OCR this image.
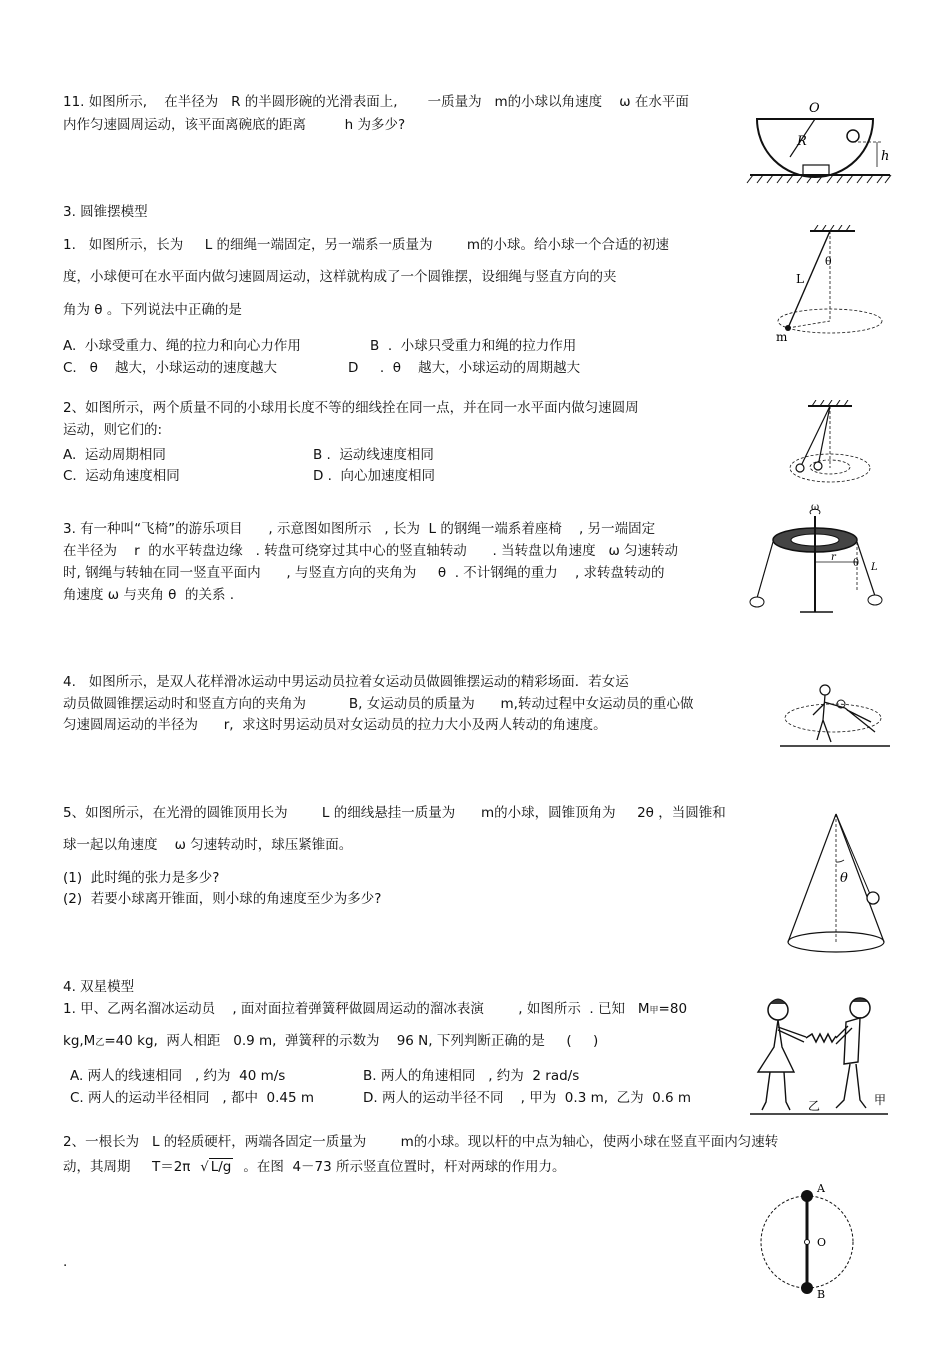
11. 如图所示,    在半径为   R 的半圆形碗的光滑表面上,       一质量为   m的小球以角速度    ω 在水平面
内作匀速圆周运动，该平面离碗底的距离         h 为多少?
O
R
h
3. 圆锥摆模型
1.   如图所示，长为     L 的细绳一端固定，另一端系一质量为        m的小球。给小球一个合适的初速
度，小球便可在水平面内做匀速圆周运动，这样就构成了一个圆锥摆，设细绳与竖直方向的夹
角为 θ 。下列说法中正确的是
A.  小球受重力、绳的拉力和向心力作用	B  .  小球只受重力和绳的拉力作用
C.   θ    越大，小球运动的速度越大	D     .  θ    越大，小球运动的周期越大
θ
L
m
2、如图所示，两个质量不同的小球用长度不等的细线拴在同一点，并在同一水平面内做匀速圆周
运动，则它们的:
A.  运动周期相同	B .  运动线速度相同
C.  运动角速度相同	D .  向心加速度相同
3. 有一种叫“飞椅”的游乐项目      , 示意图如图所示   , 长为  L 的钢绳一端系着座椅    , 另一端固定
在半径为    r  的水平转盘边缘   . 转盘可绕穿过其中心的竖直轴转动      . 当转盘以角速度   ω 匀速转动
时, 钢绳与转轴在同一竖直平面内      , 与竖直方向的夹角为     θ  . 不计钢绳的重力    , 求转盘转动的
角速度 ω 与夹角 θ  的关系 .
ω
r
θ L
4.   如图所示，是双人花样滑冰运动中男运动员拉着女运动员做圆锥摆运动的精彩场面．若女运
动员做圆锥摆运动时和竖直方向的夹角为          B, 女运动员的质量为      m,转动过程中女运动员的重心做
匀速圆周运动的半径为      r,  求这时男运动员对女运动员的拉力大小及两人转动的角速度。
5、如图所示，在光滑的圆锥顶用长为        L 的细线悬挂一质量为      m的小球，圆锥顶角为     2θ ，当圆锥和
球一起以角速度    ω 匀速转动时，球压紧锥面。
(1)  此时绳的张力是多少?
(2)  若要小球离开锥面，则小球的角速度至少为多少?
θ
4. 双星模型
1. 甲、乙两名溜冰运动员    , 面对面拉着弹簧秤做圆周运动的溜冰表演        , 如图所示  . 已知   M甲=80
kg,M乙=40 kg,  两人相距   0.9 m,  弹簧秤的示数为    96 N, 下列判断正确的是     (     )
A. 两人的线速相同   , 约为  40 m/s	B. 两人的角速相同   , 约为  2 rad/s
C. 两人的运动半径相同   , 都中  0.45 m	D. 两人的运动半径不同    , 甲为  0.3 m,  乙为  0.6 m	乙	甲
2、一根长为   L 的轻质硬杆，两端各固定一质量为        m的小球。现以杆的中点为轴心，使两小球在竖直平面内匀速转
动，其周期     T＝2π √ L/g 。在图  4－73 所示竖直位置时，杆对两球的作用力。
A
O
B
.
